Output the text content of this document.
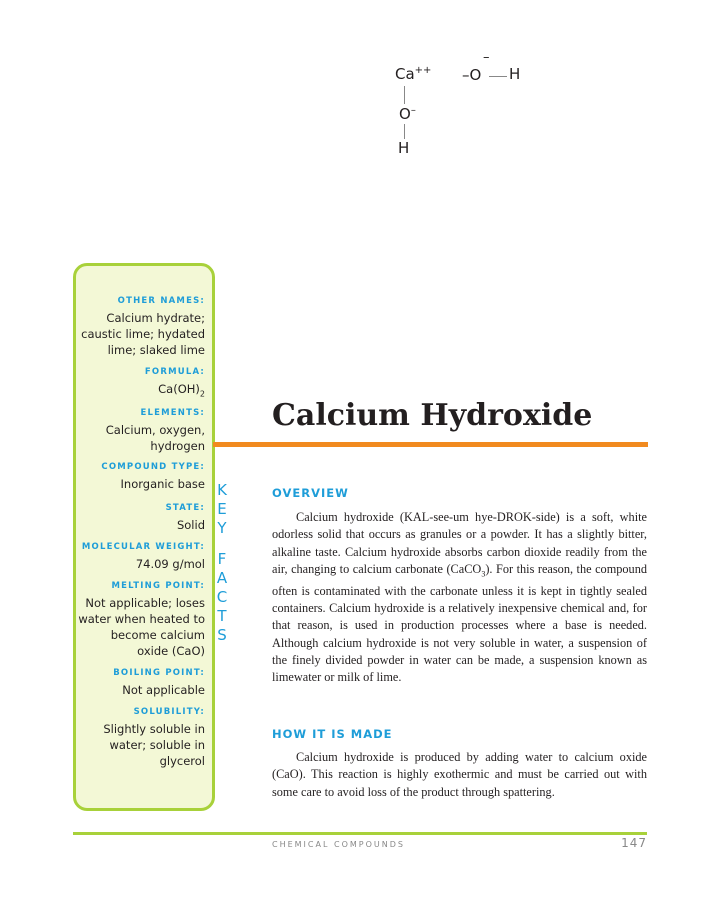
Ca++
–
–O H
O–
H
OTHER NAMES:
Calcium hydrate; caustic lime; hydated lime; slaked lime
FORMULA:
$Ca(OH)_2$
ELEMENTS:
Calcium, oxygen, hydrogen
COMPOUND TYPE:
Inorganic base
STATE:
Solid
MOLECULAR WEIGHT:
74.09 g/mol
MELTING POINT:
Not applicable; loses water when heated to become calcium oxide (CaO)
BOILING POINT:
Not applicable
SOLUBILITY:
Slightly soluble in water; soluble in glycerol
K
E
Y
F
A
C
T
S
Calcium Hydroxide
OVERVIEW
Calcium hydroxide (KAL-see-um hye-DROK-side) is a soft, white odorless solid that occurs as granules or a powder. It has a slightly bitter, alkaline taste. Calcium hydroxide absorbs carbon dioxide readily from the air, changing to calcium carbonate (CaCO$_3$). For this reason, the compound often is contaminated with the carbonate unless it is kept in tightly sealed containers. Calcium hydroxide is a relatively inexpensive chemical and, for that reason, is used in production processes where a base is needed. Although calcium hydroxide is not very soluble in water, a suspension of the finely divided powder in water can be made, a suspension known as limewater or milk of lime.
HOW IT IS MADE
Calcium hydroxide is produced by adding water to calcium oxide (CaO). This reaction is highly exothermic and must be carried out with some care to avoid loss of the product through spattering.
CHEMICAL COMPOUNDS	147
